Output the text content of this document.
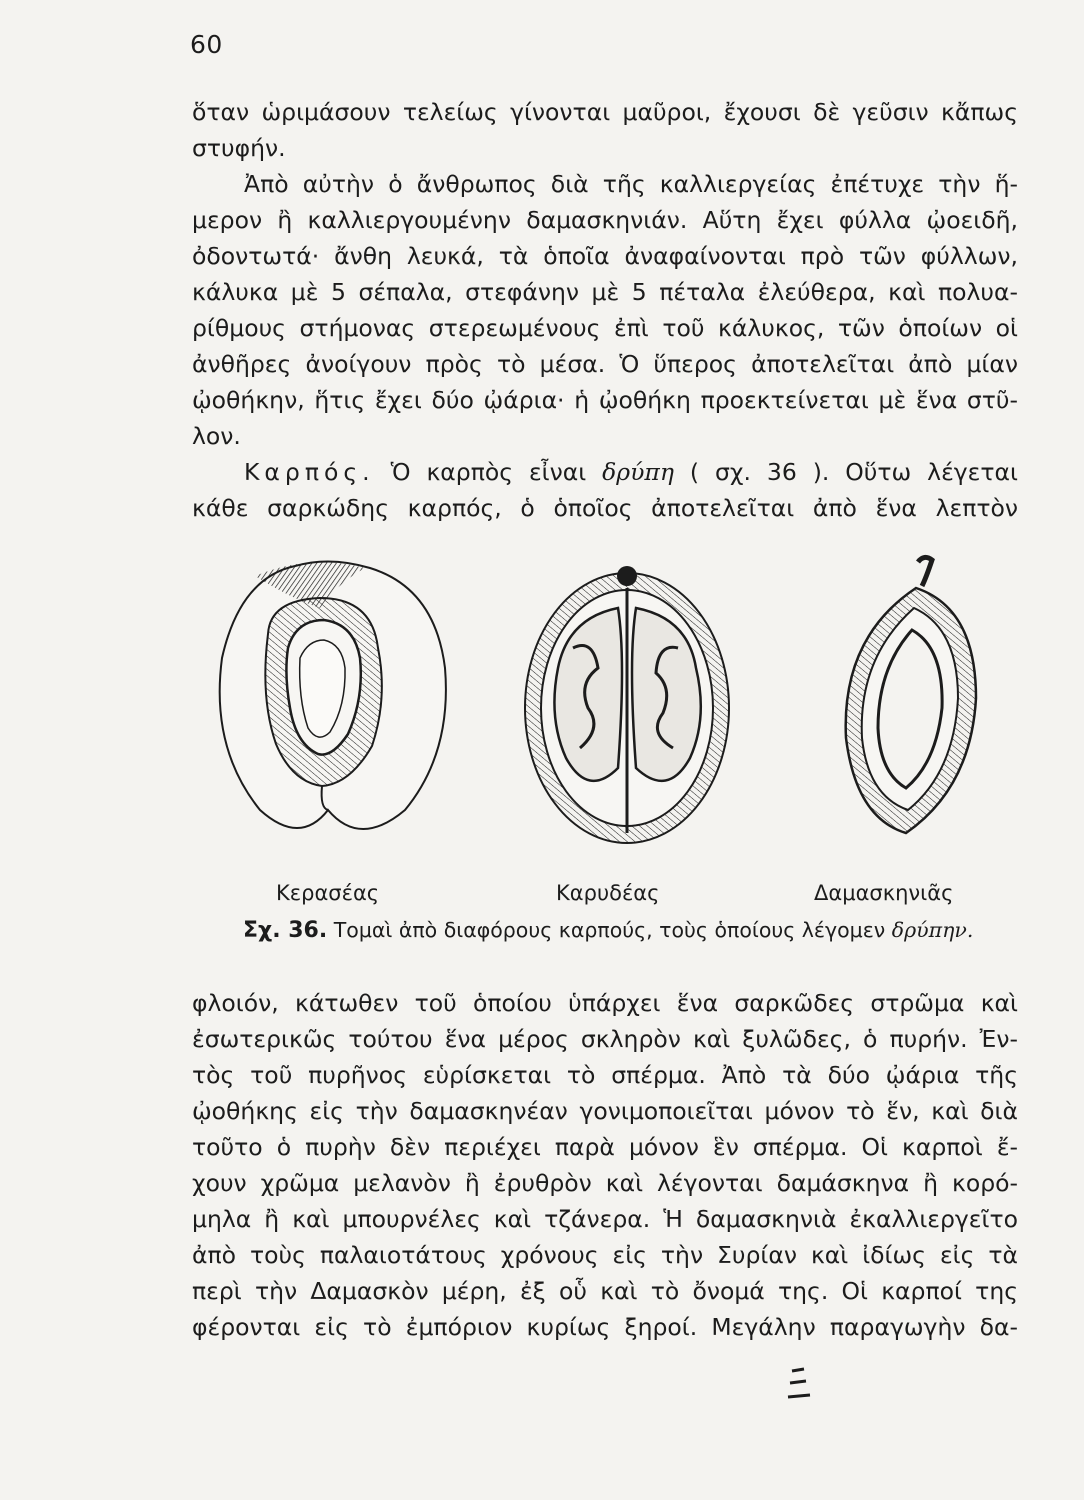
60
ὅταν ὡριμάσουν τελείως γίνονται μαῦροι, ἔχουσι δὲ γεῦσιν κἄπως
στυφήν.
Ἀπὸ αὐτὴν ὁ ἄνθρωπος διὰ τῆς καλλιεργείας ἐπέτυχε τὴν ἥ-
μερον ἢ καλλιεργουμένην δαμασκηνιάν. Αὕτη ἔχει φύλλα ᾠοειδῆ,
ὀδοντωτά· ἄνθη λευκά, τὰ ὁποῖα ἀναφαίνονται πρὸ τῶν φύλλων,
κάλυκα μὲ 5 σέπαλα, στεφάνην μὲ 5 πέταλα ἐλεύθερα, καὶ πολυα-
ρίθμους στήμονας στερεωμένους ἐπὶ τοῦ κάλυκος, τῶν ὁποίων οἱ
ἀνθῆρες ἀνοίγουν πρὸς τὸ μέσα. Ὁ ὕπερος ἀποτελεῖται ἀπὸ μίαν
ᾠοθήκην, ἥτις ἔχει δύο ᾠάρια· ἡ ᾠοθήκη προεκτείνεται μὲ ἕνα στῦ-
λον.
Καρπός. Ὁ καρπὸς εἶναι δρύπη ( σχ. 36 ). Οὕτω λέγεται
κάθε σαρκώδης καρπός, ὁ ὁποῖος ἀποτελεῖται ἀπὸ ἕνα λεπτὸν
Κερασέας	Καρυδέας	Δαμασκηνιᾶς
Σχ. 36. Τομαὶ ἀπὸ διαφόρους καρπούς, τοὺς ὁποίους λέγομεν δρύπην.
φλοιόν, κάτωθεν τοῦ ὁποίου ὑπάρχει ἕνα σαρκῶδες στρῶμα καὶ
ἐσωτερικῶς τούτου ἕνα μέρος σκληρὸν καὶ ξυλῶδες, ὁ πυρήν. Ἐν-
τὸς τοῦ πυρῆνος εὑρίσκεται τὸ σπέρμα. Ἀπὸ τὰ δύο ᾠάρια τῆς
ᾠοθήκης εἰς τὴν δαμασκηνέαν γονιμοποιεῖται μόνον τὸ ἕν, καὶ διὰ
τοῦτο ὁ πυρὴν δὲν περιέχει παρὰ μόνον ἓν σπέρμα. Οἱ καρποὶ ἔ-
χουν χρῶμα μελανὸν ἢ ἐρυθρὸν καὶ λέγονται δαμάσκηνα ἢ κορό-
μηλα ἢ καὶ μπουρνέλες καὶ τζάνερα. Ἡ δαμασκηνιὰ ἐκαλλιεργεῖτο
ἀπὸ τοὺς παλαιοτάτους χρόνους εἰς τὴν Συρίαν καὶ ἰδίως εἰς τὰ
περὶ τὴν Δαμασκὸν μέρη, ἐξ οὗ καὶ τὸ ὄνομά της. Οἱ καρποί της
φέρονται εἰς τὸ ἐμπόριον κυρίως ξηροί. Μεγάλην παραγωγὴν δα-
